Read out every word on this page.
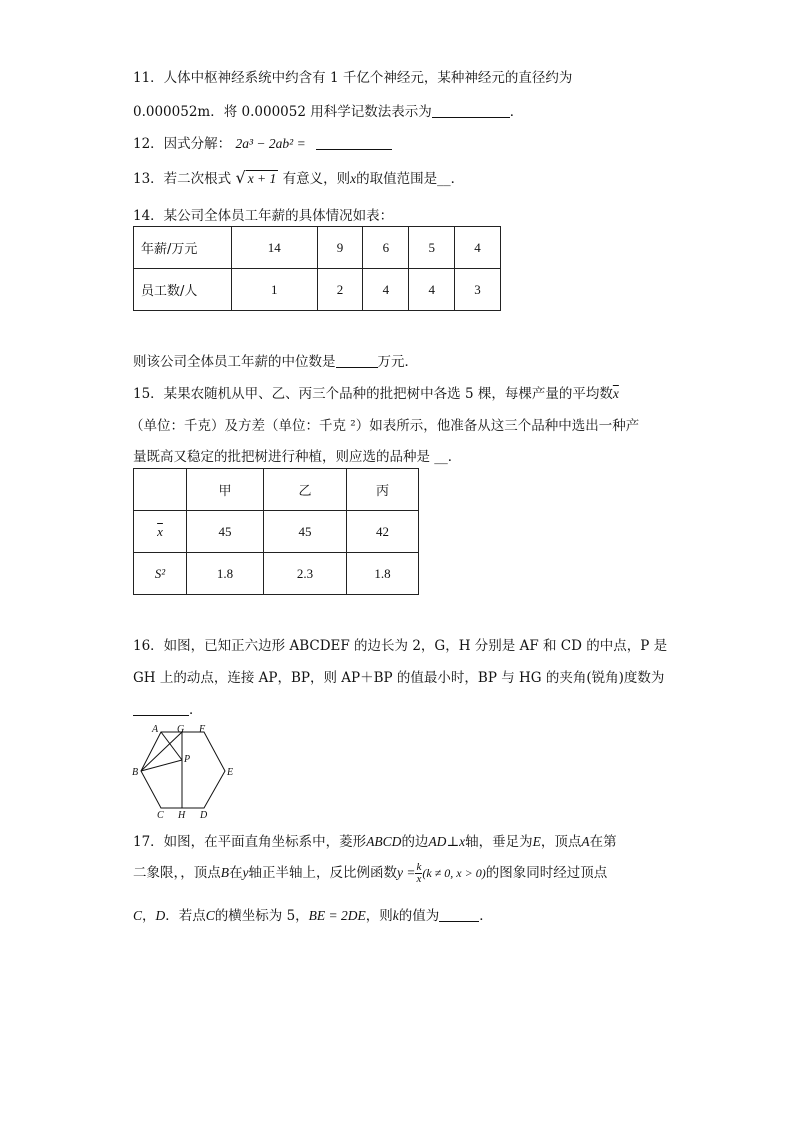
11．人体中枢神经系统中约含有 1 千亿个神经元，某种神经元的直径约为
0.000052m．将 0.000052 用科学记数法表示为	．
12．因式分解： 2a³ − 2ab² =
13．若二次根式 √ x + 1 有意义，则x的取值范围是__．
14．某公司全体员工年薪的具体情况如表：
年薪/万元	14	9	6	5	4
员工数/人	1	2	4	4	3
则该公司全体员工年薪的中位数是	万元．
15．某果农随机从甲、乙、丙三个品种的批把树中各选 5 棵，每棵产量的平均数$\overline{x}$
（单位：千克）及方差（单位：千克 ²）如表所示，他准备从这三个品种中选出一种产
量既高又稳定的批把树进行种植，则应选的品种是 __．
	甲	乙	丙
$\overline{x}$	45	45	42
S²	1.8	2.3	1.8
16．如图，已知正六边形 ABCDEF 的边长为 2，G，H 分别是 AF 和 CD 的中点，P 是
GH 上的动点，连接 AP，BP，则 AP＋BP 的值最小时，BP 与 HG 的夹角(锐角)度数为
．
A G F
P
B	E
C H D
17．如图，在平面直角坐标系中，菱形ABCD的边AD⊥x轴，垂足为E，顶点A在第
二象限，，顶点B在y轴正半轴上，反比例函数$y = \frac{k}{x} (k \ne 0$, x > 0)的图象同时经过顶点
C，D．若点C的横坐标为 5，BE = 2DE，则k的值为	．
